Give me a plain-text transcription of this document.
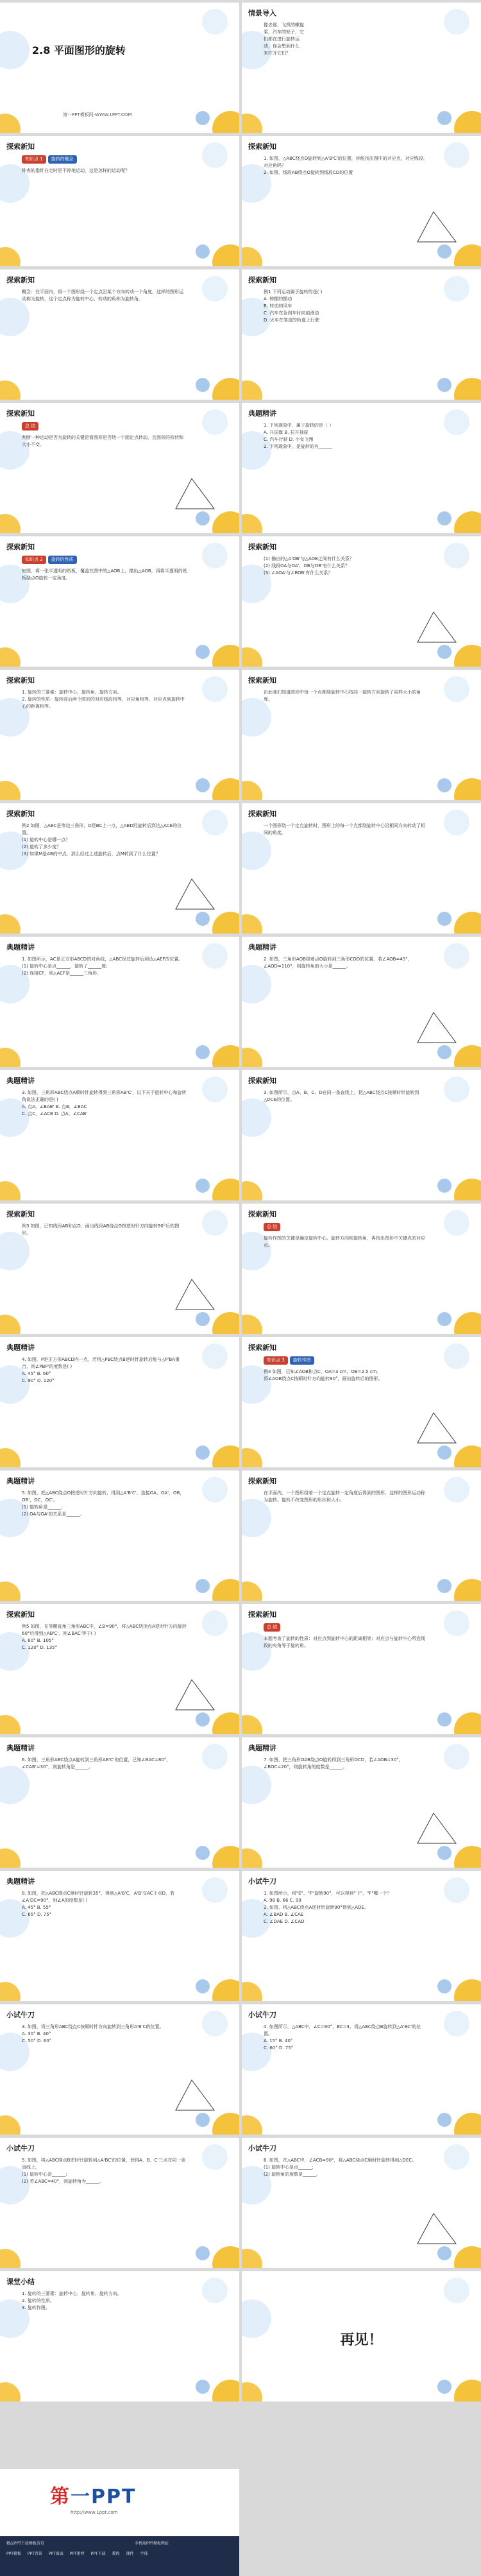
2.8 平面图形的旋转
第一PPT模板网-WWW.1PPT.COM
情景导入
像去那，飞机的螺旋
桨，汽车的轮子，它
们都在进行旋转运
动，你会想到什么
来拧开它们？
探索新知
知识点 1 旋转的概念
钟表的指针在走时是不停地运动，这是怎样的运动呢？
探索新知
1. 如图，△ABC绕点O旋转到△A'B'C'的位置，你能找出图中的对应点、对应线段、对应角吗？
2. 如图，线段AB绕点O旋转到线段CD的位置
探索新知
概念：在平面内，将一个图形绕一个定点沿某个方向转动一个角度，这样的图形运动称为旋转，这个定点称为旋转中心，转动的角称为旋转角。
探索新知
例1 下列运动属于旋转的是( )
A. 钟摆的摆动
B. 转动的风车
C. 汽车在急刹车时向前滑动
D. 火车在笔直的轨道上行驶
探索新知
总 结
判断一种运动是否为旋转的关键是看图形是否绕一个固定点转动，且图形的形状和大小不变。
典题精讲
1. 下列现象中，属于旋转的是（ ）
A. 升国旗 B. 拉开抽屉
C. 汽车行驶 D. 小女飞翔
2. 下列现象中，是旋转的有______
探索新知
知识点 2 旋转的性质
如图，将一张半透明的纸板，覆盖在图中的△AOB上，描出△AOB，再将半透明的纸板绕点O旋转一定角度。
探索新知
(1) 描出的△A'OB'与△AOB之间有什么关系？
(2) 线段OA与OA'，OB与OB'有什么关系？
(3) ∠AOA'与∠BOB'有什么关系？
探索新知
1. 旋转的三要素：旋转中心，旋转角，旋转方向。
2. 旋转的性质：旋转前后两个图形的对应线段相等，对应角相等，对应点到旋转中心的距离相等。
探索新知
由此我们知道图形中每一个点都绕旋转中心按同一旋转方向旋转了同样大小的角度。
探索新知
例2 如图，△ABC是等边三角形，D是BC上一点，△ABD经旋转后到达△ACE的位置。
(1) 旋转中心是哪一点？
(2) 旋转了多少度？
(3) 如果M是AB的中点，那么经过上述旋转后，点M转到了什么位置？
探索新知
一个图形绕一个定点旋转时，图形上的每一个点都绕旋转中心沿相同方向转动了相同的角度。
典题精讲
1. 如图所示，AC是正方形ABCD的对角线，△ABC经过旋转后到达△AEF的位置。
(1) 旋转中心是点______，旋转了______度；
(2) 连接CF，则△ACF是______三角形。
典题精讲
2. 如图，三角形AOB绕着点O旋转到三角形COD的位置，若∠AOB=45°，∠AOD=110°，则旋转角的大小是______。
典题精讲
3. 如图，三角形ABC绕点A顺时针旋转得到三角形AB'C'，以下关于旋转中心和旋转角说法正确的是( )
A. 点A，∠BAB' B. 点B，∠BAC
C. 点C，∠ACB D. 点A，∠CAB'
探索新知
3. 如图所示，点A、B、C、D在同一条直线上，把△ABC绕点C按顺时针旋转到△DCE的位置。
探索新知
例3 如图，已知线段AB和点O，画出线段AB绕点O按逆时针方向旋转90°后的图形。
探索新知
总 结
旋转作图的关键是确定旋转中心、旋转方向和旋转角，再找出图形中关键点的对应点。
典题精讲
4. 如图，P是正方形ABCD内一点，若将△PBC绕点B逆时针旋转后能与△P'BA重合，则∠PBP'的度数是( )
A. 45° B. 60°
C. 90° D. 120°
探索新知
知识点 3 旋转作图
例4 如图，已知∠AOB和点C，OA=3 cm，OB=2.5 cm。
将∠AOB绕点C按顺时针方向旋转90°，画出旋转后的图形。
典题精讲
5. 如图，把△ABC绕点O按逆时针方向旋转，得到△A'B'C'，连接OA，OA'，OB，OB'，OC，OC'。
(1) 旋转角是______；
(2) OA与OA'的关系是______。
探索新知
在平面内，一个图形绕着一个定点旋转一定角度后得到的图形，这样的图形运动称为旋转。旋转不改变图形的形状和大小。
探索新知
例5 如图，在等腰直角三角形ABC中，∠B=90°，将△ABC绕顶点A逆时针方向旋转60°后得到△AB'C'，则∠BAC'等于( )
A. 60° B. 105°
C. 120° D. 135°
探索新知
总 结
本题考查了旋转的性质：对应点到旋转中心的距离相等；对应点与旋转中心所连线段的夹角等于旋转角。
典题精讲
6. 如图，三角形ABC绕点A旋转到三角形AB'C'的位置，已知∠BAC=80°，∠CAB'=30°，则旋转角是______。
典题精讲
7. 如图，把三角形OAB绕点O旋转得到三角形OCD，若∠AOB=30°，∠BOC=20°，则旋转角的度数是______。
典题精讲
8. 如图，把△ABC绕点C顺时针旋转35°，得到△A'B'C，A'B'交AC于点D，若∠A'DC=90°，则∠A的度数是( )
A. 45° B. 55°
C. 65° D. 75°
小试牛刀
1. 如图所示，将"E"、"F"旋转90°，可以得到"下"、"F"哪一个？
A. 98 B. 66 C. 99
2. 如图，将△ABC绕点A逆时针旋转90°得到△ADE。
A. ∠BAD B. ∠CAE
C. ∠DAE D. ∠CAD
小试牛刀
3. 如图，将三角形ABC绕点C按顺时针方向旋转到三角形A'B'C的位置。
A. 30° B. 40°
C. 50° D. 60°
小试牛刀
4. 如图所示，△ABC中，∠C=90°，BC=4，将△ABC绕点B旋转到△A'BC'的位置。
A. 15° B. 40°
C. 60° D. 75°
小试牛刀
5. 如图，将△ABC绕点B逆时针旋转到△A'BC'的位置，使得A、B、C'三点在同一条直线上。
(1) 旋转中心是______；
(2) 若∠ABC=40°，则旋转角为______。
小试牛刀
6. 如图，在△ABC中，∠ACB=90°，将△ABC绕点C顺时针旋转得到△DEC。
(1) 旋转中心是点______；
(2) 旋转角的度数是______。
课堂小结
1. 旋转的三要素：旋转中心，旋转角，旋转方向。
2. 旋转的性质。
3. 旋转作图。
再见！
第一PPT
http://www.1ppt.com
精品PPT下载模板首页	手机端PPT模板网站
PPT模板 PPT背景 PPT图表 PPT素材 PPT下载 教程 课件 字体
